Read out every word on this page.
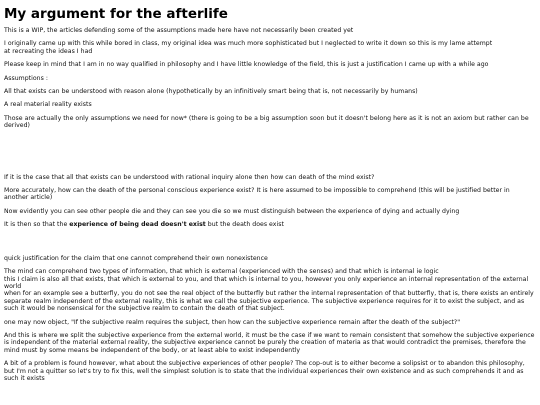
My argument for the afterlife

This is a WIP, the articles defending some of the assumptions made here have not necessarily been created yet

I originally came up with this while bored in class, my original idea was much more sophisticated but I neglected to write it down so this is my lame attempt
at recreating the ideas I had

Please keep in mind that I am in no way qualified in philosophy and I have little knowledge of the field, this is just a justification I came up with a while ago

Assumptions :

All that exists can be understood with reason alone (hypothetically by an infinitively smart being that is, not necessarily by humans)

A real material reality exists

Those are actually the only assumptions we need for now* (there is going to be a big assumption soon but it doesn't belong here as it is not an axiom but rather can be derived)

If it is the case that all that exists can be understood with rational inquiry alone then how can death of the mind exist?

More accurately, how can the death of the personal conscious experience exist? It is here assumed to be impossible to comprehend (this will be justified better in another article)

Now evidently you can see other people die and they can see you die so we must distinguish between the experience of dying and actually dying

It is then so that the experience of being dead doesn't exist but the death does exist

quick justification for the claim that one cannot comprehend their own nonexistence

The mind can comprehend two types of information, that which is external (experienced with the senses) and that which is internal ie logic
this I claim is also all that exists, that which is external to you, and that which is internal to you, however you only experience an internal representation of the external world
when for an example see a butterfly, you do not see the real object of the butterfly but rather the internal representation of that butterfly, that is, there exists an entirely separate realm independent of the external reality, this is what we call the subjective experience. The subjective experience requires for it to exist the subject, and as such it would be nonsensical for the subjective realm to contain the death of that subject.

one may now object, "If the subjective realm requires the subject, then how can the subjective experience remain after the death of the subject?"

And this is where we split the subjective experience from the external world, it must be the case if we want to remain consistent that somehow the subjective experience is independent of the material external reality, the subjective experience cannot be purely the creation of materia as that would contradict the premises, therefore the mind must by some means be independent of the body, or at least able to exist independently

A bit of a problem is found however, what about the subjective experiences of other people? The cop-out is to either become a solipsist or to abandon this philosophy, but I'm not a quitter so let's try to fix this, well the simplest solution is to state that the individual experiences their own existence and as such comprehends it and as such it exists
